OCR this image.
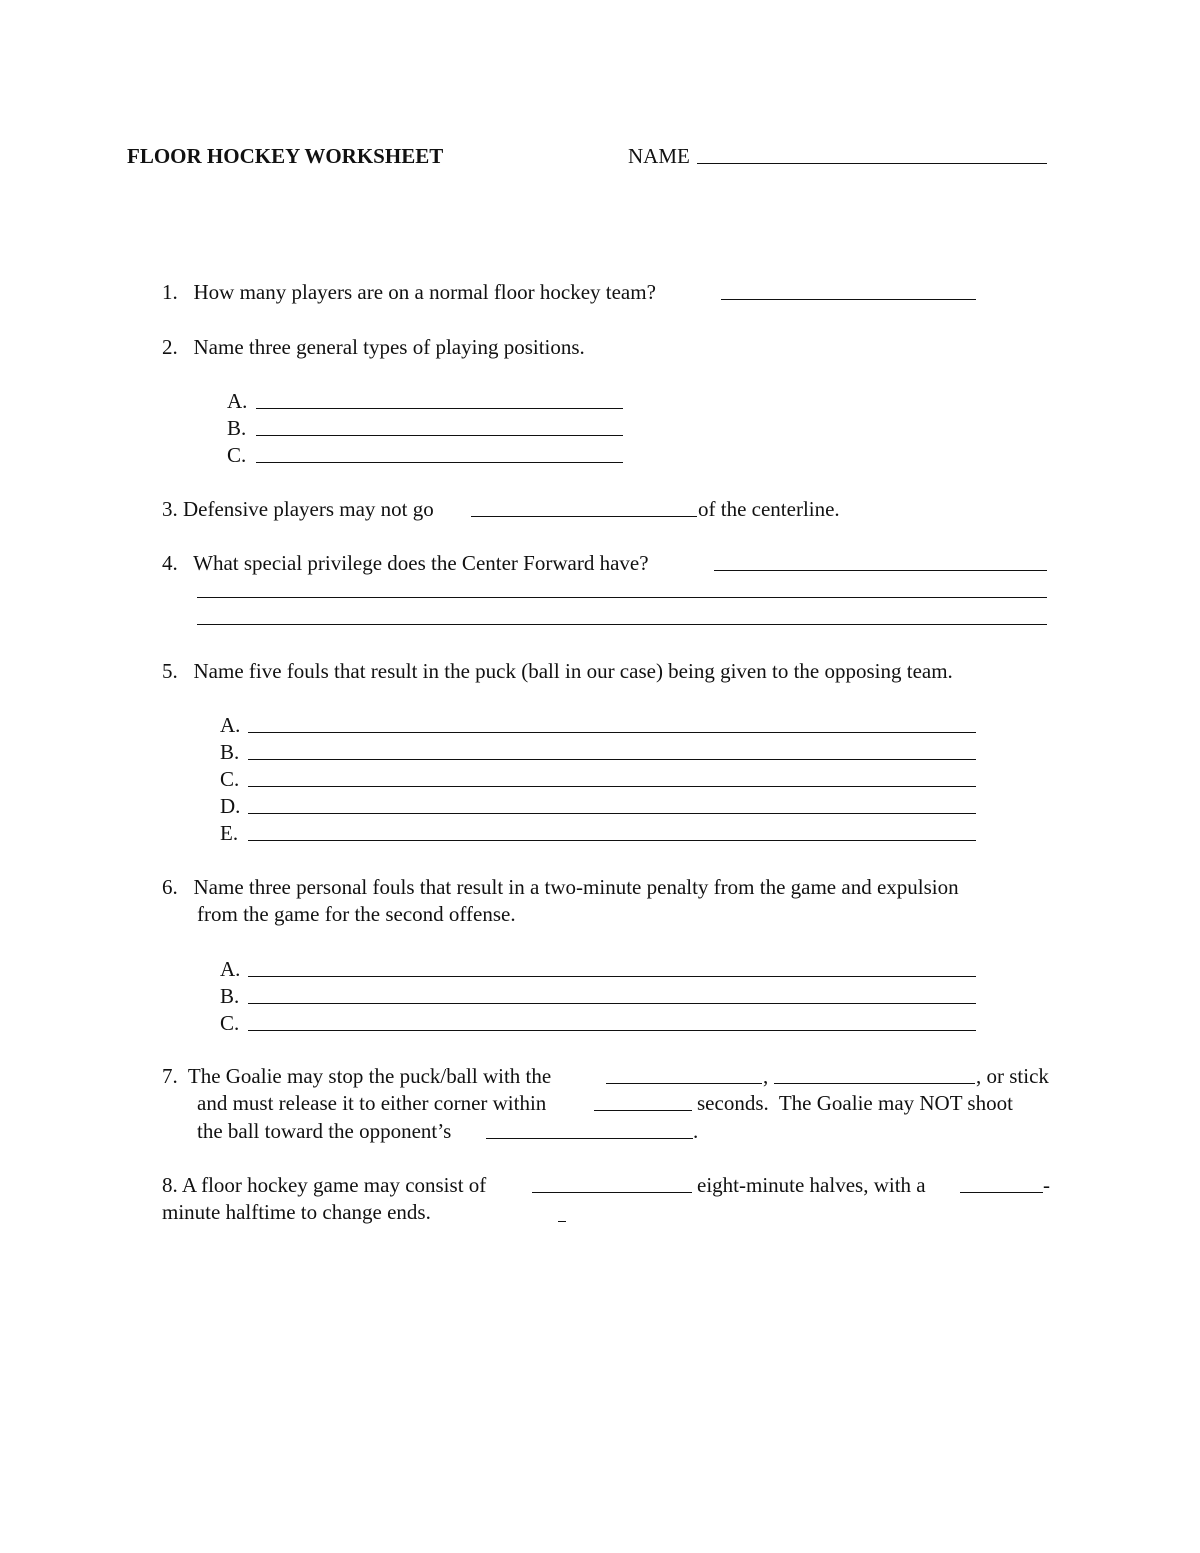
FLOOR HOCKEY WORKSHEET	NAME
1.   How many players are on a normal floor hockey team?
2.   Name three general types of playing positions.
A.
B.
C.
3. Defensive players may not go	of the centerline.
4.   What special privilege does the Center Forward have?
5.   Name five fouls that result in the puck (ball in our case) being given to the opposing team.
A.
B.
C.
D.
E.
6.   Name three personal fouls that result in a two-minute penalty from the game and expulsion
from the game for the second offense.
A.
B.
C.
7.  The Goalie may stop the puck/ball with the	,	, or stick
and must release it to either corner within	seconds.  The Goalie may NOT shoot
the ball toward the opponent’s	.
8. A floor hockey game may consist of	eight-minute halves, with a	-
minute halftime to change ends.
